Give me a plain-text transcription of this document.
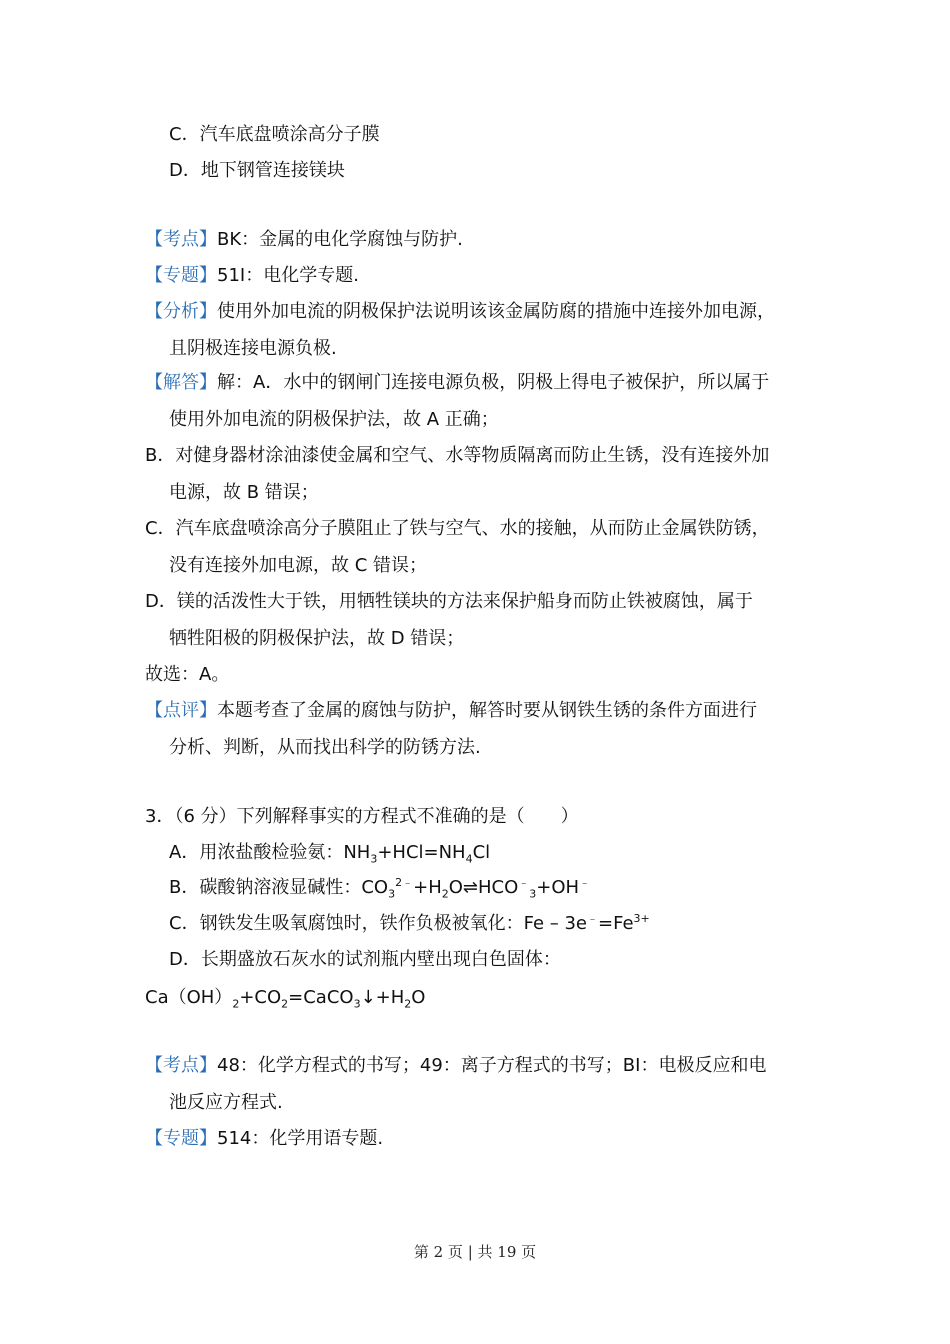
C．汽车底盘喷涂高分子膜
D．地下钢管连接镁块
【考点】BK：金属的电化学腐蚀与防护.
【专题】51I：电化学专题.
【分析】使用外加电流的阴极保护法说明该该金属防腐的措施中连接外加电源，
且阴极连接电源负极.
【解答】解：A．水中的钢闸门连接电源负极，阴极上得电子被保护，所以属于
使用外加电流的阴极保护法，故 A 正确；
B．对健身器材涂油漆使金属和空气、水等物质隔离而防止生锈，没有连接外加
电源，故 B 错误；
C．汽车底盘喷涂高分子膜阻止了铁与空气、水的接触，从而防止金属铁防锈，
没有连接外加电源，故 C 错误；
D．镁的活泼性大于铁，用牺牲镁块的方法来保护船身而防止铁被腐蚀，属于
牺牲阳极的阴极保护法，故 D 错误；
故选：A。
【点评】本题考查了金属的腐蚀与防护，解答时要从钢铁生锈的条件方面进行
分析、判断，从而找出科学的防锈方法.
3．（6 分）下列解释事实的方程式不准确的是（　　）
A．用浓盐酸检验氨：$NH_3+HCl=NH_4Cl$
B．碳酸钠溶液显碱性：$CO_3^{2﹣}+H_2O\rightleftharpoons HCO^﹣_3+OH^﹣$
C．钢铁发生吸氧腐蚀时，铁作负极被氧化：$Fe - 3e^﹣=Fe^{3+}$
D．长期盛放石灰水的试剂瓶内壁出现白色固体：
$Ca(OH)_2+CO_2=CaCO_3↓+H_2O$
【考点】48：化学方程式的书写；49：离子方程式的书写；BI：电极反应和电
池反应方程式.
【专题】514：化学用语专题.
第 2 页 | 共 19 页
